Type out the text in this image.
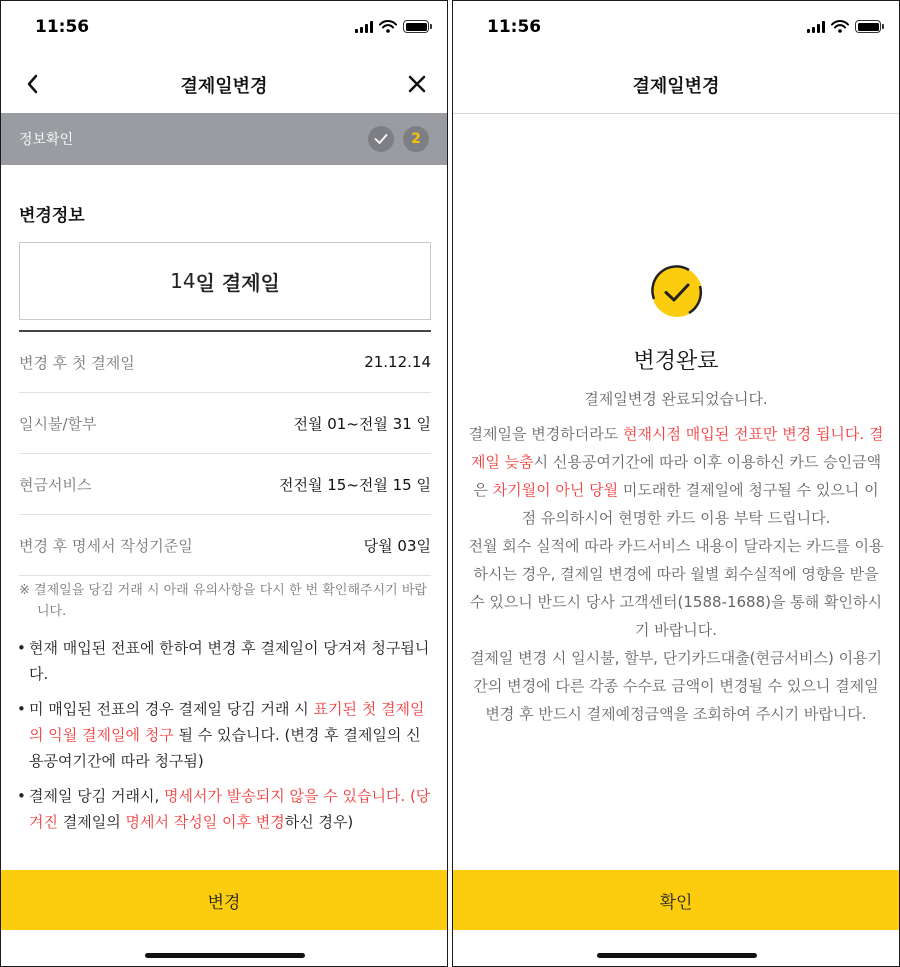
11:56
결제일변경
정보확인	2
변경정보
14 일 결제일
변경 후 첫 결제일	21.12.14
일시불/할부	전월 01~전월 31 일
현금서비스	전전월 15~전월 15 일
변경 후 명세서 작성기준일	당월 03일
※ 결제일을 당김 거래 시 아래 유의사항을 다시 한 번 확인해주시기 바랍니다.
• 현재 매입된 전표에 한하여 변경 후 결제일이 당겨져 청구됩니다.
• 미 매입된 전표의 경우 결제일 당김 거래 시 표기된 첫 결제일의 익월 결제일에 청구 될 수 있습니다. (변경 후 결제일의 신용공여기간에 따라 청구됨)
• 결제일 당김 거래시, 명세서가 발송되지 않을 수 있습니다. (당겨진 결제일의 명세서 작성일 이후 변경하신 경우)
변경
11:56
결제일변경
변경완료
결제일변경 완료되었습니다.
결제일을 변경하더라도 현재시점 매입된 전표만 변경 됩니다. 결제일 늦춤시 신용공여기간에 따라 이후 이용하신 카드 승인금액은 차기월이 아닌 당월 미도래한 결제일에 청구될 수 있으니 이점 유의하시어 현명한 카드 이용 부탁 드립니다.
전월 회수 실적에 따라 카드서비스 내용이 달라지는 카드를 이용하시는 경우, 결제일 변경에 따라 월별 회수실적에 영향을 받을 수 있으니 반드시 당사 고객센터(1588-1688)을 통해 확인하시기 바랍니다.
결제일 변경 시 일시불, 할부, 단기카드대출(현금서비스) 이용기간의 변경에 다른 각종 수수료 금액이 변경될 수 있으니 결제일 변경 후 반드시 결제예정금액을 조회하여 주시기 바랍니다.
확인
